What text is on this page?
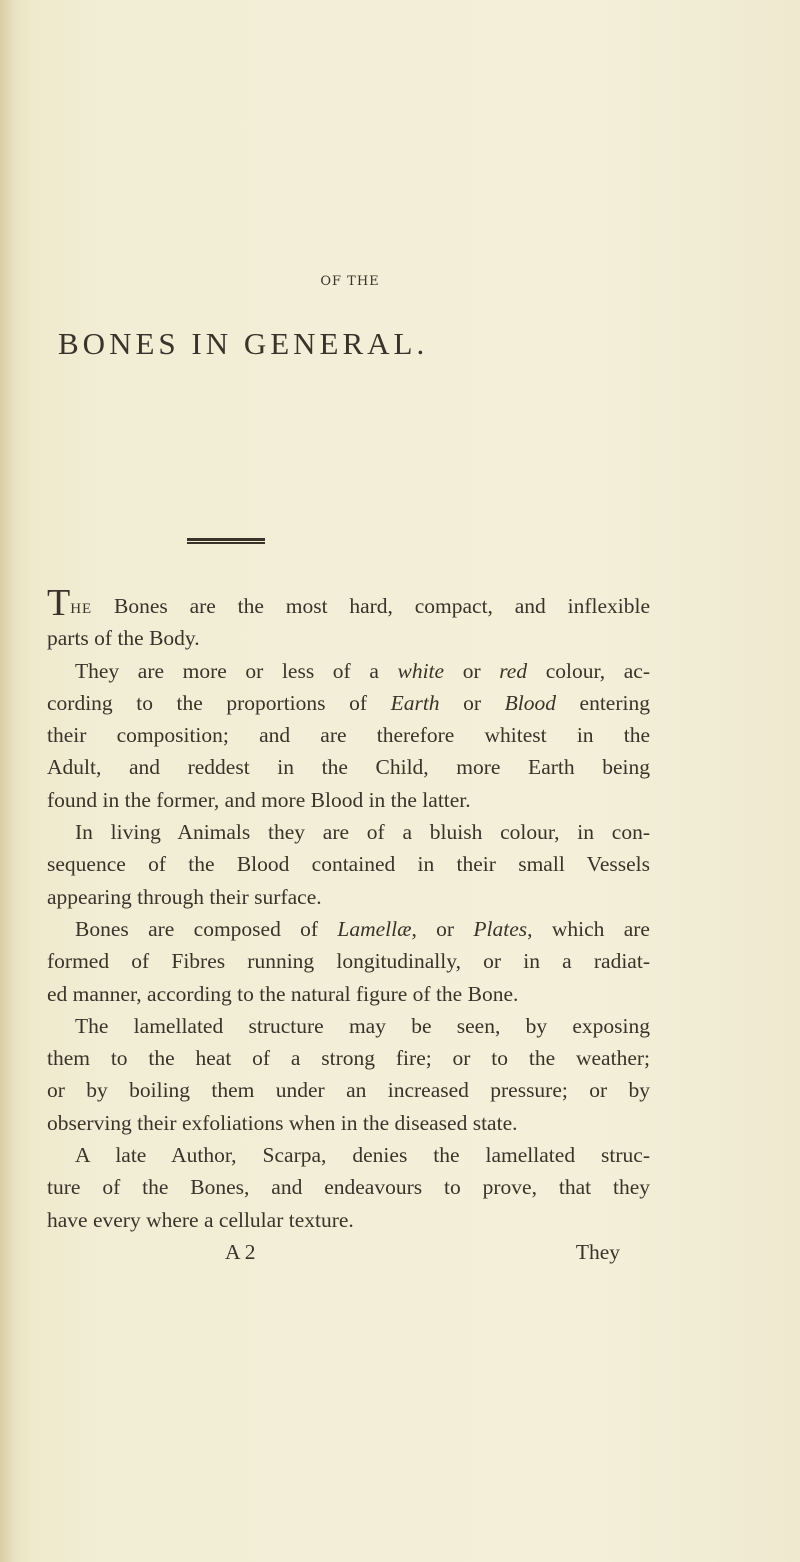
OF THE
BONES IN GENERAL.
THE Bones are the most hard, compact, and inflexible
parts of the Body.
They are more or less of a white or red colour, ac-
cording to the proportions of Earth or Blood entering
their composition; and are therefore whitest in the
Adult, and reddest in the Child, more Earth being
found in the former, and more Blood in the latter.
In living Animals they are of a bluish colour, in con-
sequence of the Blood contained in their small Vessels
appearing through their surface.
Bones are composed of Lamellæ, or Plates, which are
formed of Fibres running longitudinally, or in a radiat-
ed manner, according to the natural figure of the Bone.
The lamellated structure may be seen, by exposing
them to the heat of a strong fire; or to the weather;
or by boiling them under an increased pressure; or by
observing their exfoliations when in the diseased state.
A late Author, Scarpa, denies the lamellated struc-
ture of the Bones, and endeavours to prove, that they
have every where a cellular texture.
A 2	They
